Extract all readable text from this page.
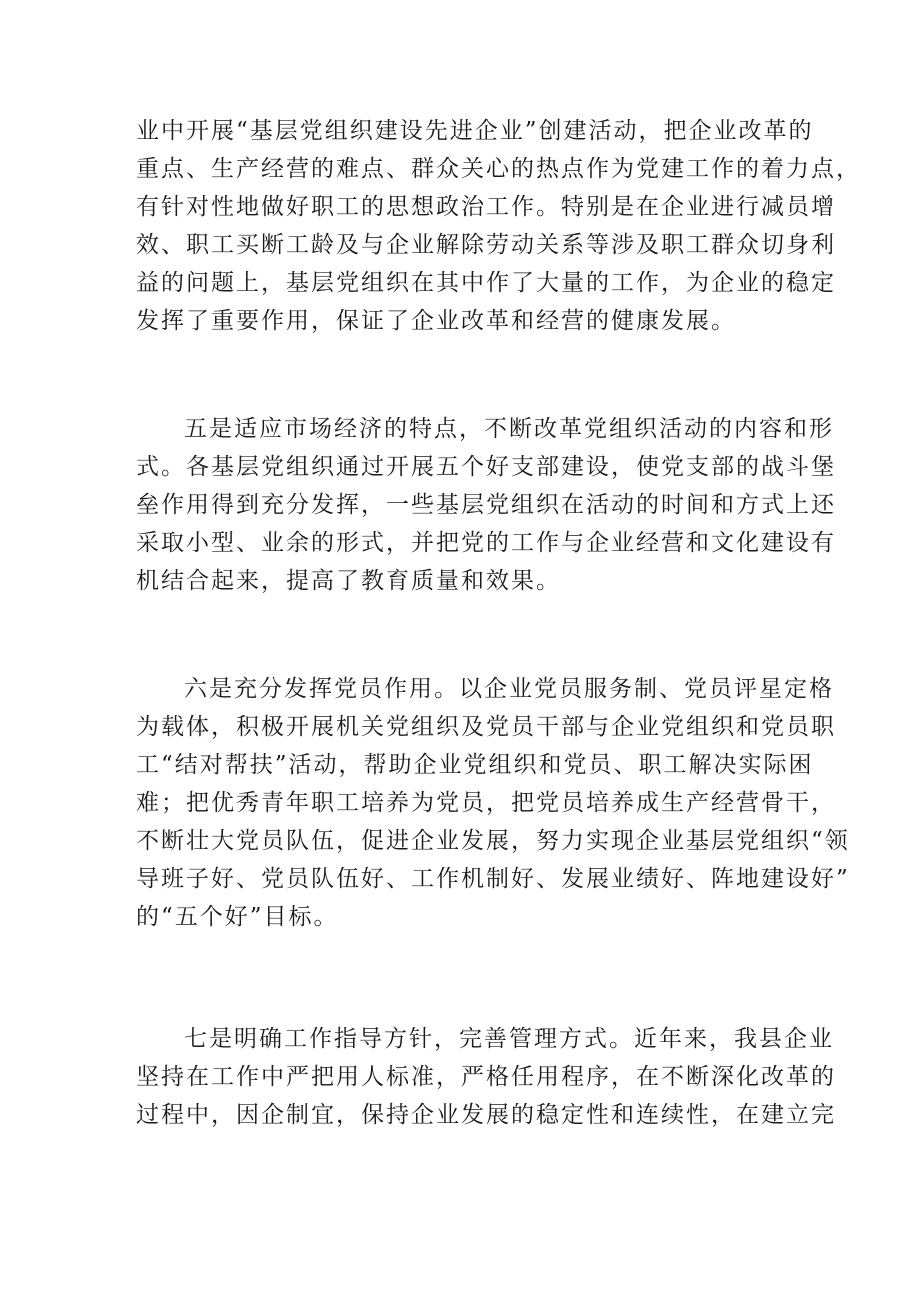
业中开展“基层党组织建设先进企业”创建活动，把企业改革的
重点、生产经营的难点、群众关心的热点作为党建工作的着力点，
有针对性地做好职工的思想政治工作。特别是在企业进行减员增
效、职工买断工龄及与企业解除劳动关系等涉及职工群众切身利
益的问题上，基层党组织在其中作了大量的工作，为企业的稳定
发挥了重要作用，保证了企业改革和经营的健康发展。
五是适应市场经济的特点，不断改革党组织活动的内容和形
式。各基层党组织通过开展五个好支部建设，使党支部的战斗堡
垒作用得到充分发挥，一些基层党组织在活动的时间和方式上还
采取小型、业余的形式，并把党的工作与企业经营和文化建设有
机结合起来，提高了教育质量和效果。
六是充分发挥党员作用。以企业党员服务制、党员评星定格
为载体，积极开展机关党组织及党员干部与企业党组织和党员职
工“结对帮扶”活动，帮助企业党组织和党员、职工解决实际困
难；把优秀青年职工培养为党员，把党员培养成生产经营骨干，
不断壮大党员队伍，促进企业发展，努力实现企业基层党组织“领
导班子好、党员队伍好、工作机制好、发展业绩好、阵地建设好”
的“五个好”目标。
七是明确工作指导方针，完善管理方式。近年来，我县企业
坚持在工作中严把用人标准，严格任用程序，在不断深化改革的
过程中，因企制宜，保持企业发展的稳定性和连续性，在建立完
